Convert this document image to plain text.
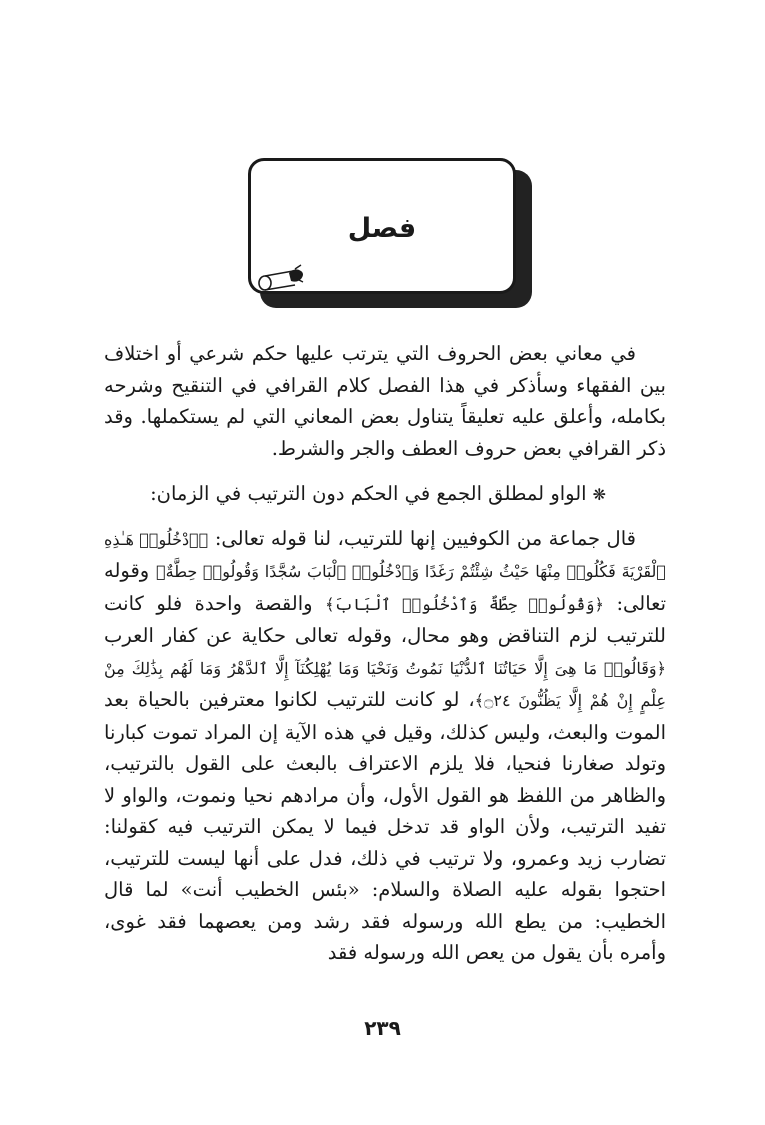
فصل

في معاني بعض الحروف التي يترتب عليها حكم شرعي أو اختلاف بين الفقهاء وسأذكر في هذا الفصل كلام القرافي في التنقيح وشرحه بكامله، وأعلق عليه تعليقاً يتناول بعض المعاني التي لم يستكملها. وقد ذكر القرافي بعض حروف العطف والجر والشرط.

❋الواو لمطلق الجمع في الحكم دون الترتيب في الزمان:

قال جماعة من الكوفيين إنها للترتيب، لنا قوله تعالى: ﴿ٱدْخُلُوا۟ هَـٰذِهِ ٱلْقَرْيَةَ فَكُلُوا۟ مِنْهَا حَيْثُ شِئْتُمْ رَغَدًا وَٱدْخُلُوا۟ ٱلْبَابَ سُجَّدًا وَقُولُوا۟ حِطَّةٌ﴾ وقوله تعالى: ﴿وَقُولُوا۟ حِطَّةٌ وَٱدْخُلُوا۟ ٱلْبَابَ﴾ والقصة واحدة فلو كانت للترتيب لزم التناقض وهو محال، وقوله تعالى حكاية عن كفار العرب ﴿وَقَالُوا۟ مَا هِىَ إِلَّا حَيَاتُنَا ٱلدُّنْيَا نَمُوتُ وَنَحْيَا وَمَا يُهْلِكُنَآ إِلَّا ٱلدَّهْرُ وَمَا لَهُم بِذَٰلِكَ مِنْ عِلْمٍ إِنْ هُمْ إِلَّا يَظُنُّونَ ۝٢٤﴾، لو كانت للترتيب لكانوا معترفين بالحياة بعد الموت والبعث، وليس كذلك، وقيل في هذه الآية إن المراد تموت كبارنا وتولد صغارنا فنحيا، فلا يلزم الاعتراف بالبعث على القول بالترتيب، والظاهر من اللفظ هو القول الأول، وأن مرادهم نحيا ونموت، والواو لا تفيد الترتيب، ولأن الواو قد تدخل فيما لا يمكن الترتيب فيه كقولنا: تضارب زيد وعمرو، ولا ترتيب في ذلك، فدل على أنها ليست للترتيب، احتجوا بقوله عليه الصلاة والسلام: «بئس الخطيب أنت» لما قال الخطيب: من يطع الله ورسوله فقد رشد ومن يعصهما فقد غوى، وأمره بأن يقول من يعص الله ورسوله فقد

٢٣٩
